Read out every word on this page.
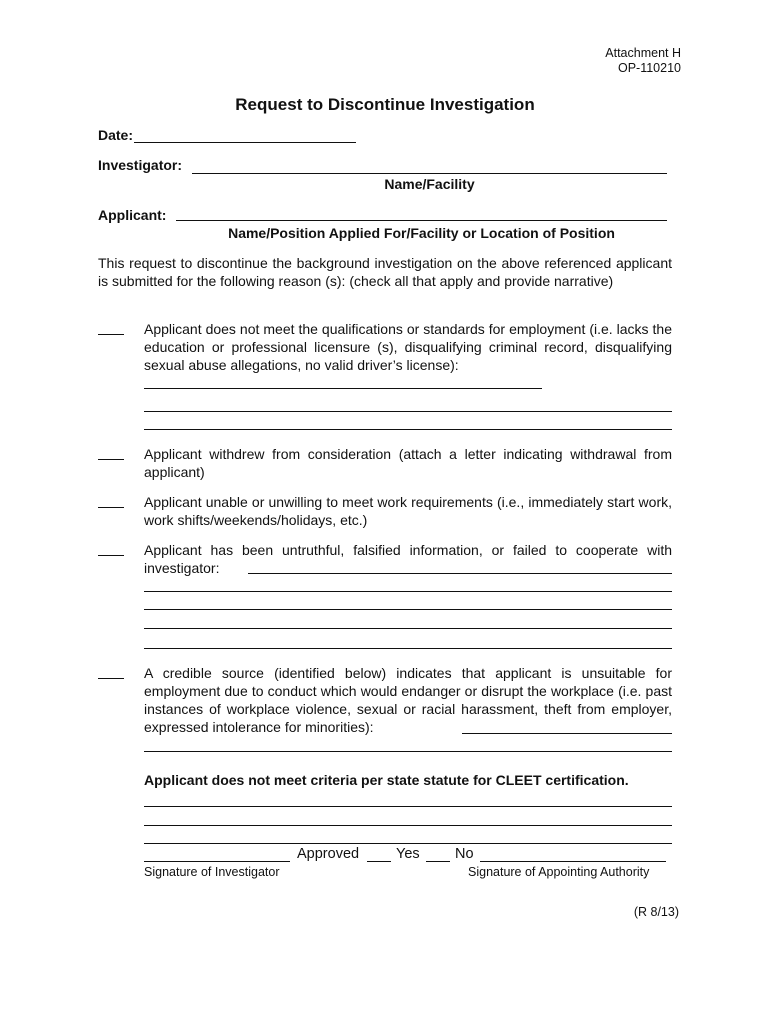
Attachment H
OP-110210
Request to Discontinue Investigation
Date:
Investigator:
Name/Facility
Applicant:
Name/Position Applied For/Facility or Location of Position
This request to discontinue the background investigation on the above referenced applicant is submitted for the following reason (s): (check all that apply and provide narrative)
Applicant does not meet the qualifications or standards for employment (i.e. lacks the education or professional licensure (s), disqualifying criminal record, disqualifying sexual abuse allegations, no valid driver’s license):
Applicant withdrew from consideration (attach a letter indicating withdrawal from applicant)
Applicant unable or unwilling to meet work requirements (i.e., immediately start work, work shifts/weekends/holidays, etc.)
Applicant has been untruthful, falsified information, or failed to cooperate with investigator:
A credible source (identified below) indicates that applicant is unsuitable for employment due to conduct which would endanger or disrupt the workplace (i.e. past instances of workplace violence, sexual or racial harassment, theft from employer, expressed intolerance for minorities):
Applicant does not meet criteria per state statute for CLEET certification.
Approved	Yes No
Signature of Investigator	Signature of Appointing Authority
(R 8/13)
